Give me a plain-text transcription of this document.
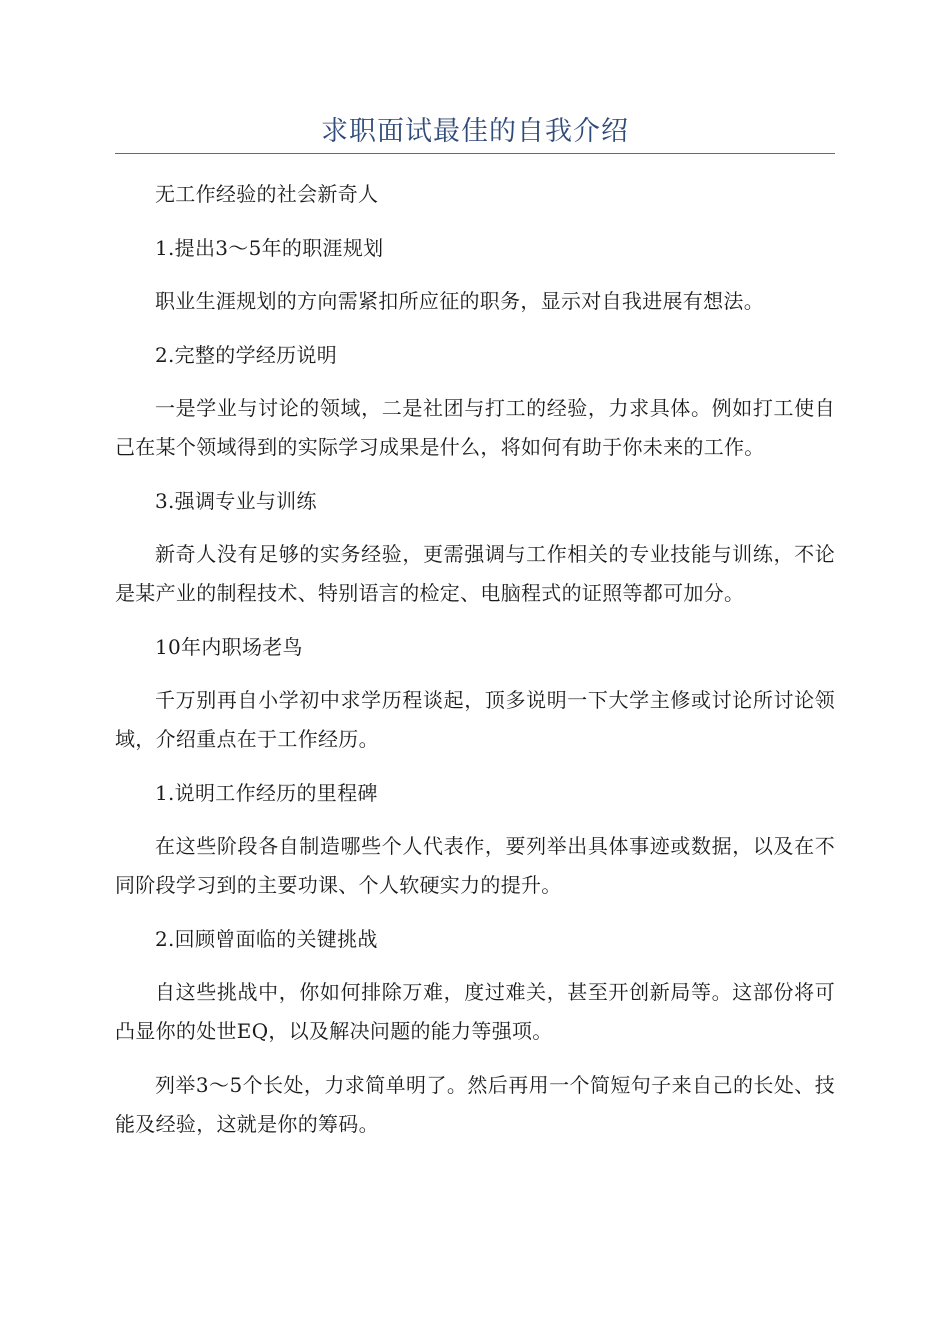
求职面试最佳的自我介绍

无工作经验的社会新奇人

1.提出3～5年的职涯规划

职业生涯规划的方向需紧扣所应征的职务，显示对自我进展有想法。

2.完整的学经历说明

一是学业与讨论的领域，二是社团与打工的经验，力求具体。例如打工使自己在某个领域得到的实际学习成果是什么，将如何有助于你未来的工作。

3.强调专业与训练

新奇人没有足够的实务经验，更需强调与工作相关的专业技能与训练，不论是某产业的制程技术、特别语言的检定、电脑程式的证照等都可加分。

10年内职场老鸟

千万别再自小学初中求学历程谈起，顶多说明一下大学主修或讨论所讨论领域，介绍重点在于工作经历。

1.说明工作经历的里程碑

在这些阶段各自制造哪些个人代表作，要列举出具体事迹或数据，以及在不同阶段学习到的主要功课、个人软硬实力的提升。

2.回顾曾面临的关键挑战

自这些挑战中，你如何排除万难，度过难关，甚至开创新局等。这部份将可凸显你的处世EQ，以及解决问题的能力等强项。

列举3～5个长处，力求简单明了。然后再用一个简短句子来自己的长处、技能及经验，这就是你的筹码。
